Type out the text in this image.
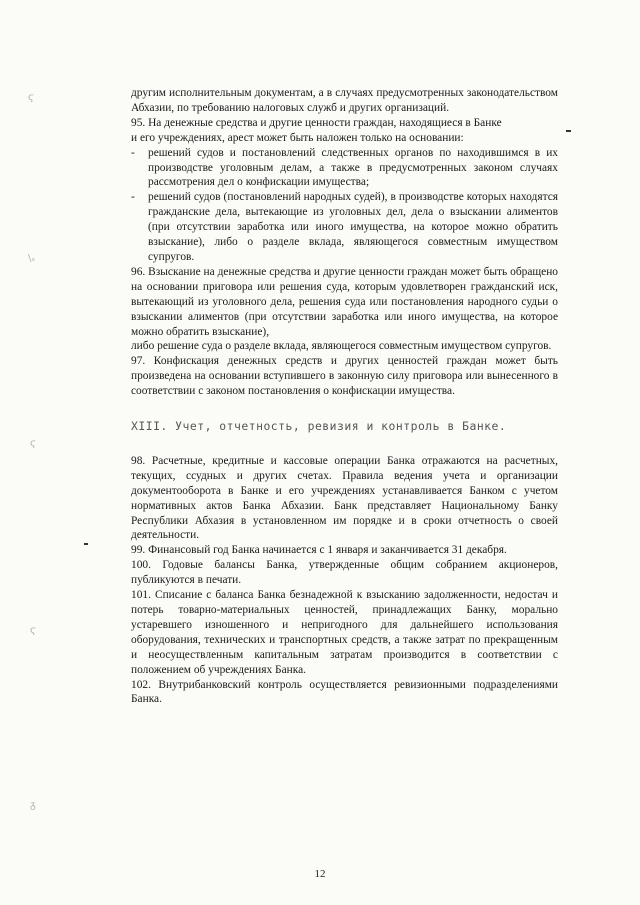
ϛ
\ₛ
ϛ
ϛ
ᵹ

другим исполнительным документам, а в случаях предусмотренных законодательством Абхазии, по требованию налоговых служб и других организаций.

95. На денежные средства и другие ценности граждан, находящиеся в Банке

и его учреждениях, арест может быть наложен только на основании:

-	решений судов и постановлений следственных органов по находившимся в их производстве уголовным делам, а также в предусмотренных законом случаях рассмотрения дел о конфискации имущества;
-	решений судов (постановлений народных судей), в производстве которых находятся гражданские дела, вытекающие из уголовных дел, дела о взыскании алиментов (при отсутствии заработка или иного имущества, на которое можно обратить взыскание), либо о разделе вклада, являющегося совместным имуществом супругов.

96. Взыскание на денежные средства и другие ценности граждан может быть обращено на основании приговора или решения суда, которым удовлетворен гражданский иск, вытекающий из уголовного дела, решения суда или постановления народного судьи о взыскании алиментов (при отсутствии заработка или иного имущества, на которое можно обратить взыскание),

либо решение суда о разделе вклада, являющегося совместным имуществом супругов.

97. Конфискация денежных средств и других ценностей граждан может быть произведена на основании вступившего в законную силу приговора или вынесенного в соответствии с законом постановления о конфискации имущества.

XIII. Учет, отчетность, ревизия и контроль в Банке.

98. Расчетные, кредитные и кассовые операции Банка отражаются на расчетных, текущих, ссудных и других счетах. Правила ведения учета и организации документооборота в Банке и его учреждениях устанавливается Банком с учетом нормативных актов Банка Абхазии. Банк представляет Национальному Банку Республики Абхазия в установленном им порядке и в сроки отчетность о своей деятельности.

99. Финансовый год Банка начинается с 1 января и заканчивается 31 декабря.

100. Годовые балансы Банка, утвержденные общим собранием акционеров, публикуются в печати.

101. Списание с баланса Банка безнадежной к взысканию задолженности, недостач и потерь товарно-материальных ценностей, принадлежащих Банку, морально устаревшего изношенного и непригодного для дальнейшего использования оборудования, технических и транспортных средств, а также затрат по прекращенным и неосуществленным капитальным затратам производится в соответствии с положением об учреждениях Банка.

102. Внутрибанковский контроль осуществляется ревизионными подразделениями Банка.

12
